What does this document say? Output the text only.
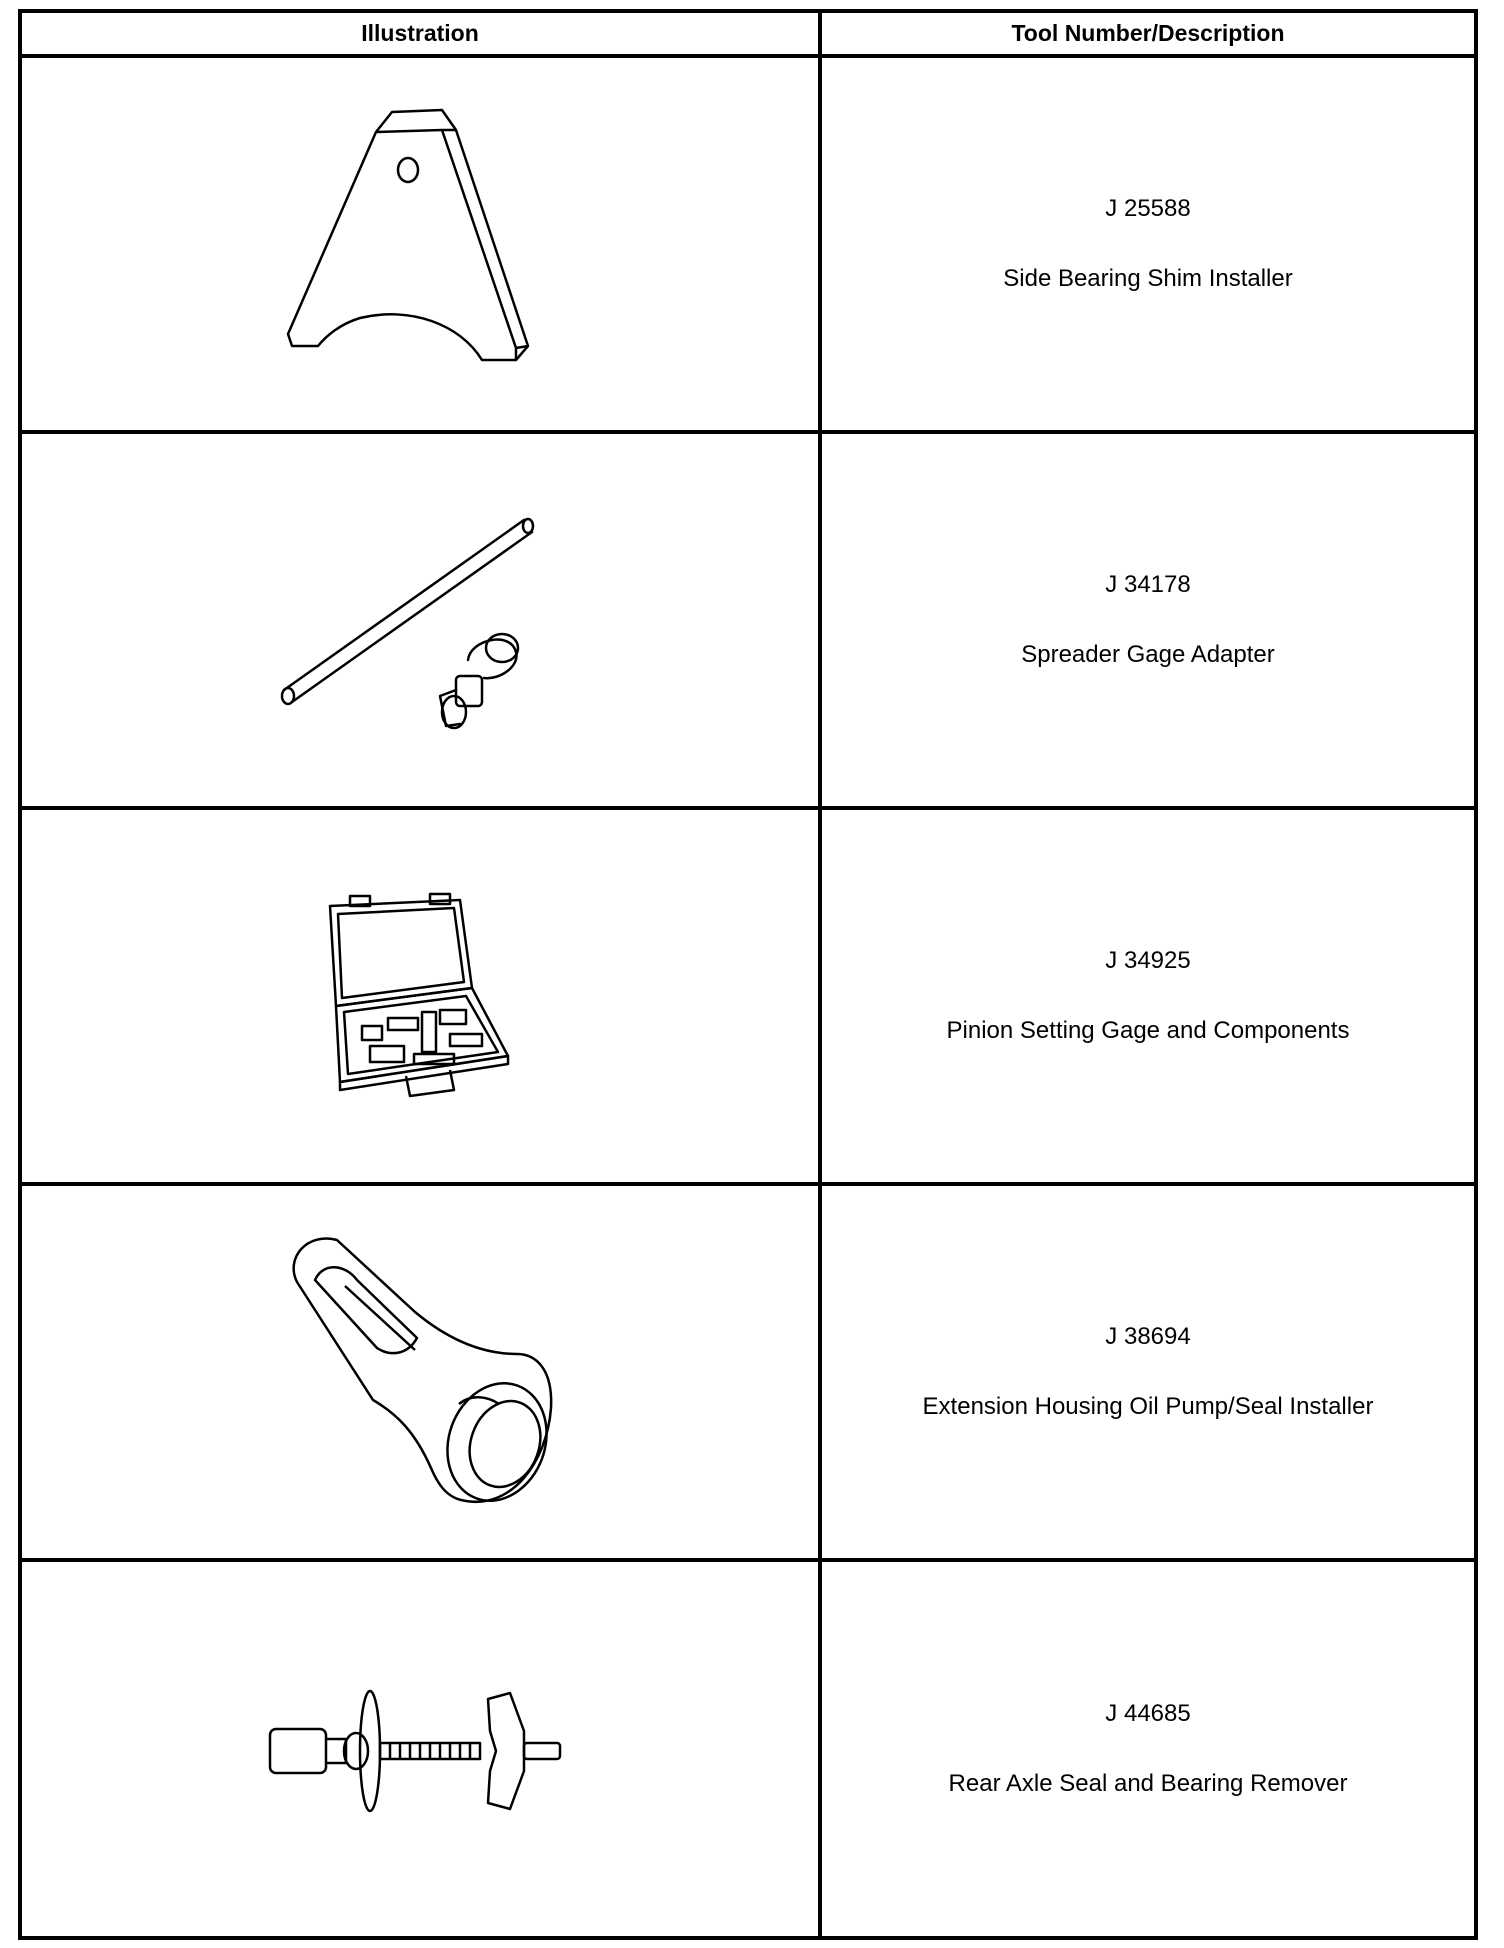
Illustration	Tool Number/Description
J 25588
Side Bearing Shim Installer
J 34178
Spreader Gage Adapter
J 34925
Pinion Setting Gage and Components
J 38694
Extension Housing Oil Pump/Seal Installer
J 44685
Rear Axle Seal and Bearing Remover
